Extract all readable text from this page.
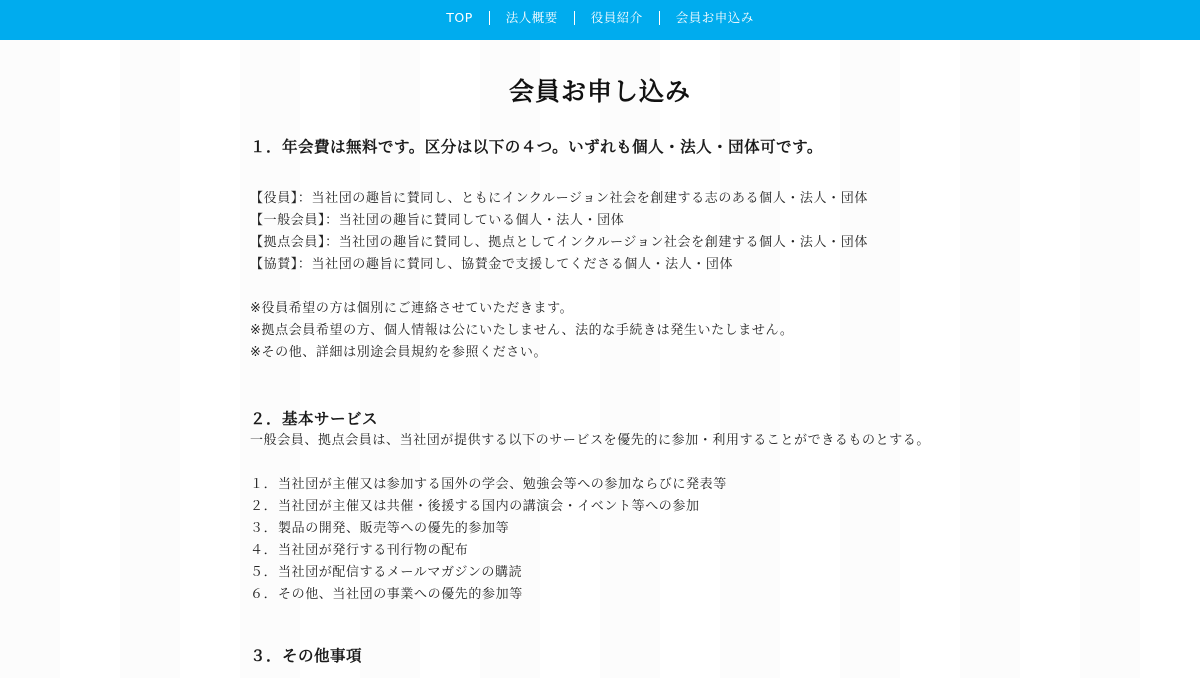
TOP	法人概要	役員紹介	会員お申込み
会員お申し込み
１．年会費は無料です。区分は以下の４つ。いずれも個人・法人・団体可です。
【役員】：当社団の趣旨に賛同し、ともにインクルージョン社会を創建する志のある個人・法人・団体
【一般会員】：当社団の趣旨に賛同している個人・法人・団体
【拠点会員】：当社団の趣旨に賛同し、拠点としてインクルージョン社会を創建する個人・法人・団体
【協賛】：当社団の趣旨に賛同し、協賛金で支援してくださる個人・法人・団体
※役員希望の方は個別にご連絡させていただきます。
※拠点会員希望の方、個人情報は公にいたしません、法的な手続きは発生いたしません。
※その他、詳細は別途会員規約を参照ください。
２．基本サービス
一般会員、拠点会員は、当社団が提供する以下のサービスを優先的に参加・利用することができるものとする。
１． 当社団が主催又は参加する国外の学会、勉強会等への参加ならびに発表等
２． 当社団が主催又は共催・後援する国内の講演会・イベント等への参加
３． 製品の開発、販売等への優先的参加等
４． 当社団が発行する刊行物の配布
５． 当社団が配信するメールマガジンの購読
６． その他、当社団の事業への優先的参加等
３．その他事項
